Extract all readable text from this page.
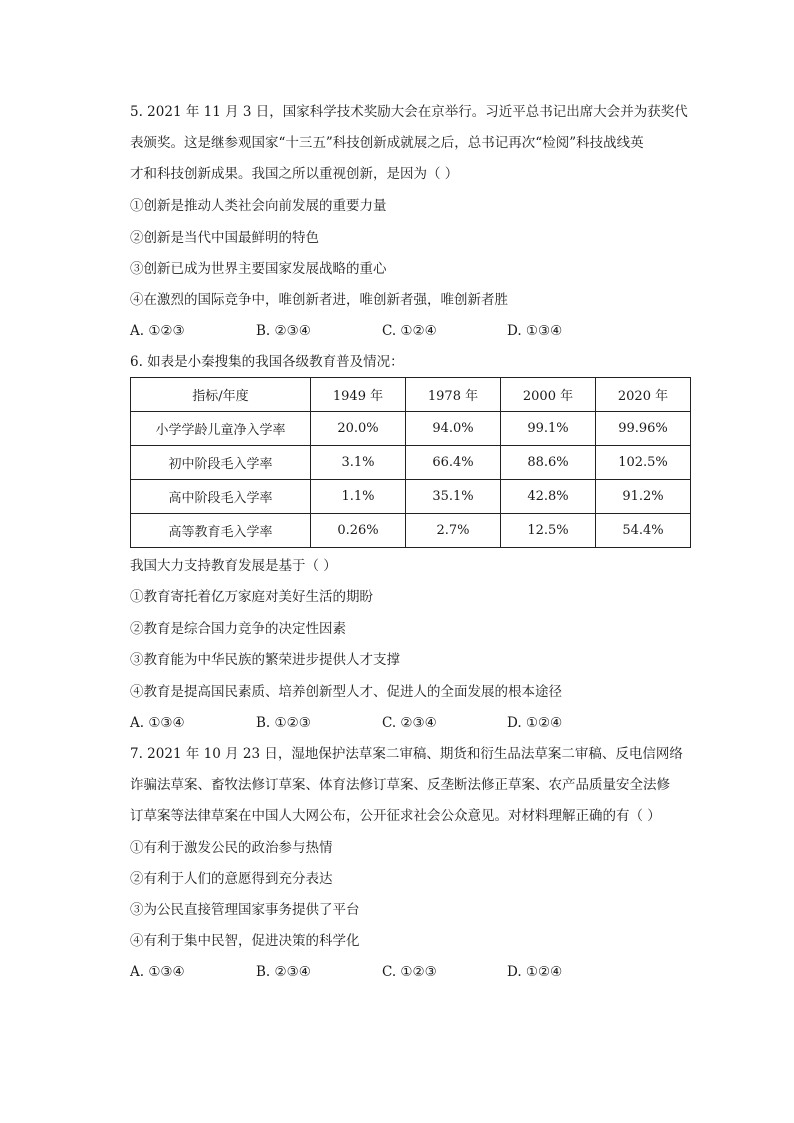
5. 2021 年 11 月 3 日，国家科学技术奖励大会在京举行。习近平总书记出席大会并为获奖代
表颁奖。这是继参观国家“十三五”科技创新成就展之后，总书记再次“检阅”科技战线英
才和科技创新成果。我国之所以重视创新，是因为（ ）
①创新是推动人类社会向前发展的重要力量
②创新是当代中国最鲜明的特色
③创新已成为世界主要国家发展战略的重心
④在激烈的国际竞争中，唯创新者进，唯创新者强，唯创新者胜
A. ①②③	B. ②③④	C. ①②④	D. ①③④
6. 如表是小秦搜集的我国各级教育普及情况：
指标/年度	1949 年	1978 年	2000 年	2020 年
小学学龄儿童净入学率	20.0%	94.0%	99.1%	99.96%
初中阶段毛入学率	3.1%	66.4%	88.6%	102.5%
高中阶段毛入学率	1.1%	35.1%	42.8%	91.2%
高等教育毛入学率	0.26%	2.7%	12.5%	54.4%
我国大力支持教育发展是基于（ ）
①教育寄托着亿万家庭对美好生活的期盼
②教育是综合国力竞争的决定性因素
③教育能为中华民族的繁荣进步提供人才支撑
④教育是提高国民素质、培养创新型人才、促进人的全面发展的根本途径
A. ①③④	B. ①②③	C. ②③④	D. ①②④
7. 2021 年 10 月 23 日，湿地保护法草案二审稿、期货和衍生品法草案二审稿、反电信网络
诈骗法草案、畜牧法修订草案、体育法修订草案、反垄断法修正草案、农产品质量安全法修
订草案等法律草案在中国人大网公布，公开征求社会公众意见。对材料理解正确的有（ ）
①有利于激发公民的政治参与热情
②有利于人们的意愿得到充分表达
③为公民直接管理国家事务提供了平台
④有利于集中民智，促进决策的科学化
A. ①③④	B. ②③④	C. ①②③	D. ①②④
